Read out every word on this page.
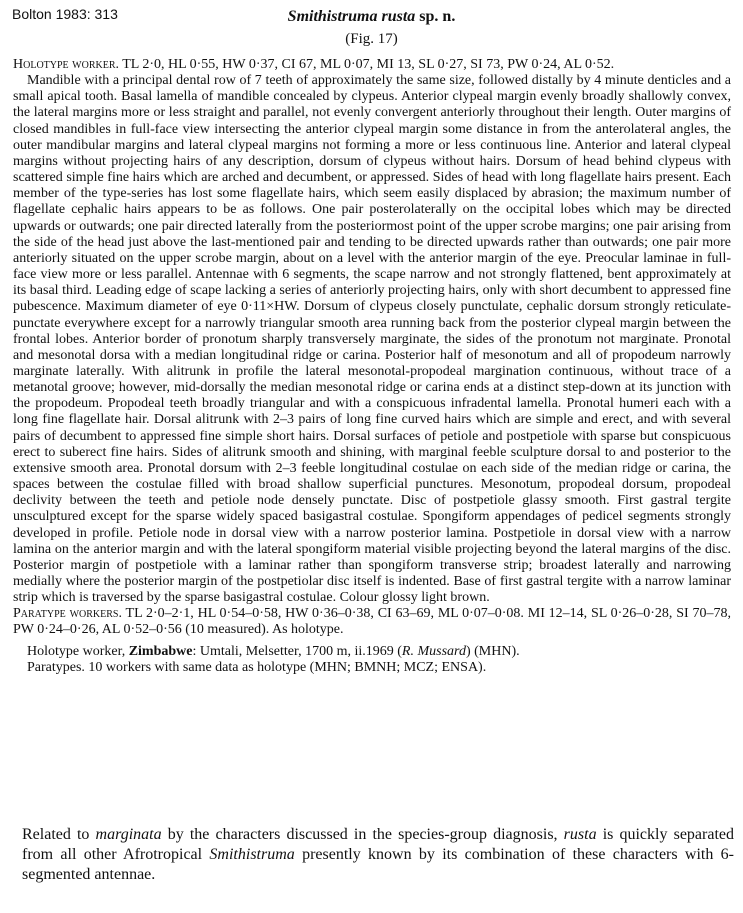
Bolton 1983: 313	Smithistruma rusta sp. n.
(Fig. 17)

Holotype worker. TL 2·0, HL 0·55, HW 0·37, CI 67, ML 0·07, MI 13, SL 0·27, SI 73, PW 0·24, AL 0·52.

Mandible with a principal dental row of 7 teeth of approximately the same size, followed distally by 4 minute denticles and a small apical tooth. Basal lamella of mandible concealed by clypeus. Anterior clypeal margin evenly broadly shallowly convex, the lateral margins more or less straight and parallel, not evenly convergent anteriorly throughout their length. Outer margins of closed mandibles in full-face view intersecting the anterior clypeal margin some distance in from the anterolateral angles, the outer mandibular margins and lateral clypeal margins not forming a more or less continuous line. Anterior and lateral clypeal margins without projecting hairs of any description, dorsum of clypeus without hairs. Dorsum of head behind clypeus with scattered simple fine hairs which are arched and decumbent, or appressed. Sides of head with long flagellate hairs present. Each member of the type-series has lost some flagellate hairs, which seem easily displaced by abrasion; the maximum number of flagellate cephalic hairs appears to be as follows. One pair posterolaterally on the occipital lobes which may be directed upwards or outwards; one pair directed laterally from the posteriormost point of the upper scrobe margins; one pair arising from the side of the head just above the last-mentioned pair and tending to be directed upwards rather than outwards; one pair more anteriorly situated on the upper scrobe margin, about on a level with the anterior margin of the eye. Preocular laminae in full-face view more or less parallel. Antennae with 6 segments, the scape narrow and not strongly flattened, bent approximately at its basal third. Leading edge of scape lacking a series of anteriorly projecting hairs, only with short decumbent to appressed fine pubescence. Maximum diameter of eye 0·11×HW. Dorsum of clypeus closely punctulate, cephalic dorsum strongly reticulate-punctate everywhere except for a narrowly triangular smooth area running back from the posterior clypeal margin between the frontal lobes. Anterior border of pronotum sharply transversely marginate, the sides of the pronotum not marginate. Pronotal and mesonotal dorsa with a median longitudinal ridge or carina. Posterior half of mesonotum and all of propodeum narrowly marginate laterally. With alitrunk in profile the lateral mesonotal-propodeal margination continuous, without trace of a metanotal groove; however, mid-dorsally the median mesonotal ridge or carina ends at a distinct step-down at its junction with the propodeum. Propodeal teeth broadly triangular and with a conspicuous infradental lamella. Pronotal humeri each with a long fine flagellate hair. Dorsal alitrunk with 2–3 pairs of long fine curved hairs which are simple and erect, and with several pairs of decumbent to appressed fine simple short hairs. Dorsal surfaces of petiole and postpetiole with sparse but conspicuous erect to suberect fine hairs. Sides of alitrunk smooth and shining, with marginal feeble sculpture dorsal to and posterior to the extensive smooth area. Pronotal dorsum with 2–3 feeble longitudinal costulae on each side of the median ridge or carina, the spaces between the costulae filled with broad shallow superficial punctures. Mesonotum, propodeal dorsum, propodeal declivity between the teeth and petiole node densely punctate. Disc of postpetiole glassy smooth. First gastral tergite unsculptured except for the sparse widely spaced basigastral costulae. Spongiform appendages of pedicel segments strongly developed in profile. Petiole node in dorsal view with a narrow posterior lamina. Postpetiole in dorsal view with a narrow lamina on the anterior margin and with the lateral spongiform material visible projecting beyond the lateral margins of the disc. Posterior margin of postpetiole with a laminar rather than spongiform transverse strip; broadest laterally and narrowing medially where the posterior margin of the postpetiolar disc itself is indented. Base of first gastral tergite with a narrow laminar strip which is traversed by the sparse basigastral costulae. Colour glossy light brown.

Paratype workers. TL 2·0–2·1, HL 0·54–0·58, HW 0·36–0·38, CI 63–69, ML 0·07–0·08. MI 12–14, SL 0·26–0·28, SI 70–78, PW 0·24–0·26, AL 0·52–0·56 (10 measured). As holotype.

Holotype worker, Zimbabwe: Umtali, Melsetter, 1700 m, ii.1969 (R. Mussard) (MHN).

Paratypes. 10 workers with same data as holotype (MHN; BMNH; MCZ; ENSA).

Related to marginata by the characters discussed in the species-group diagnosis, rusta is quickly separated from all other Afrotropical Smithistruma presently known by its combination of these characters with 6-segmented antennae.
